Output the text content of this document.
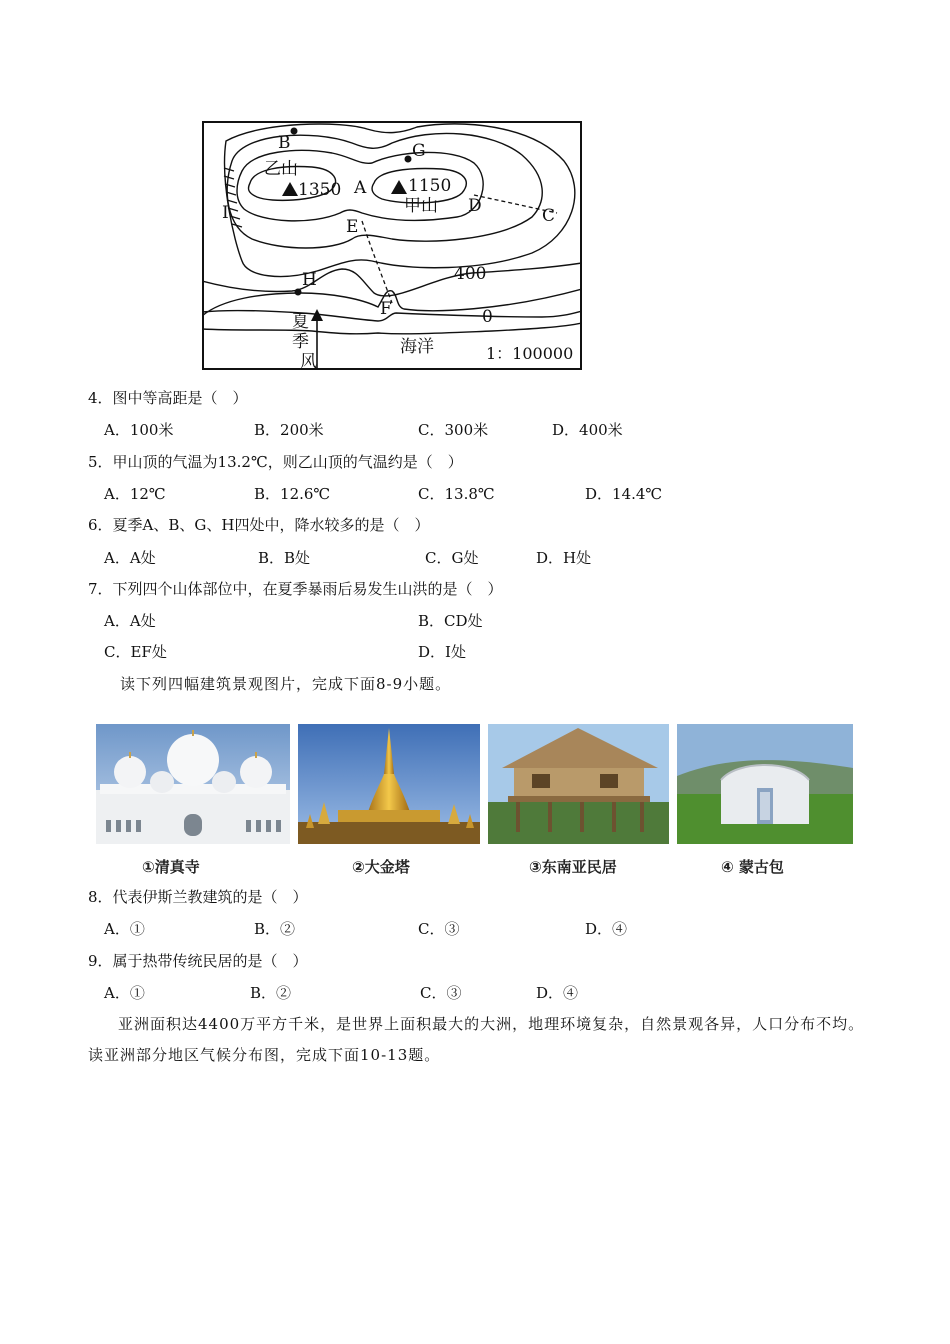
B	G
乙山
1350 A 1150
甲山 D	C
I
E
400
H
F	0
夏
季
风
海洋	1：100000
4．图中等高距是（　）
A．100米	B．200米	C．300米	D．400米
5．甲山顶的气温为13.2℃，则乙山顶的气温约是（　）
A．12℃	B．12.6℃	C．13.8℃	D．14.4℃
6．夏季A、B、G、H四处中，降水较多的是（　）
A．A处	B．B处	C．G处	D．H处
7．下列四个山体部位中，在夏季暴雨后易发生山洪的是（　）
A．A处	B．CD处
C．EF处	D．I处
读下列四幅建筑景观图片，完成下面8-9小题。
①清真寺	②大金塔	③东南亚民居	④ 蒙古包
8．代表伊斯兰教建筑的是（　）
A．①	B．②	C．③	D．④
9．属于热带传统民居的是（　）
A．①	B．②	C．③	D．④
亚洲面积达4400万平方千米，是世界上面积最大的大洲，地理环境复杂，自然景观各异，人口分布不均。读亚洲部分地区气候分布图，完成下面10-13题。
